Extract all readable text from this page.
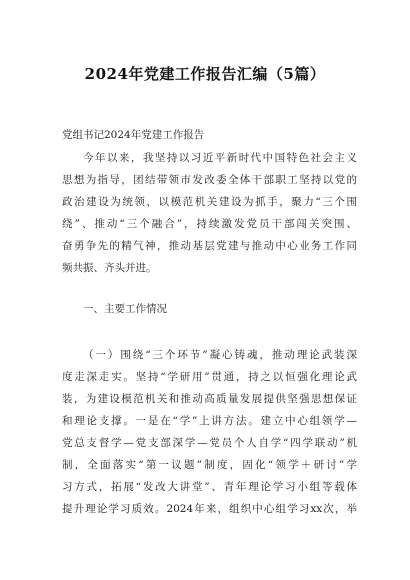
2024年党建工作报告汇编（5篇）
党组书记2024年党建工作报告
今年以来，我坚持以习近平新时代中国特色社会主义
思想为指导，团结带领市发改委全体干部职工坚持以党的
政治建设为统领，以模范机关建设为抓手，聚力“三个围
绕”、推动“三个融合”，持续激发党员干部闯关突围、
奋勇争先的精气神，推动基层党建与推动中心业务工作同
频共振、齐头并进。
一、主要工作情况
（一）围绕“三个环节”凝心铸魂，推动理论武装深
度走深走实。坚持“学研用”贯通，持之以恒强化理论武
装，为建设模范机关和推动高质量发展提供坚强思想保证
和理论支撑。一是在“学”上讲方法。建立中心组领学—
党总支督学—党支部深学—党员个人自学“四学联动”机
制，全面落实“第一议题”制度，固化“领学＋研讨”学
习方式，拓展“发改大讲堂”、青年理论学习小组等载体
提升理论学习质效。2024年来，组织中心组学习xx次，举
